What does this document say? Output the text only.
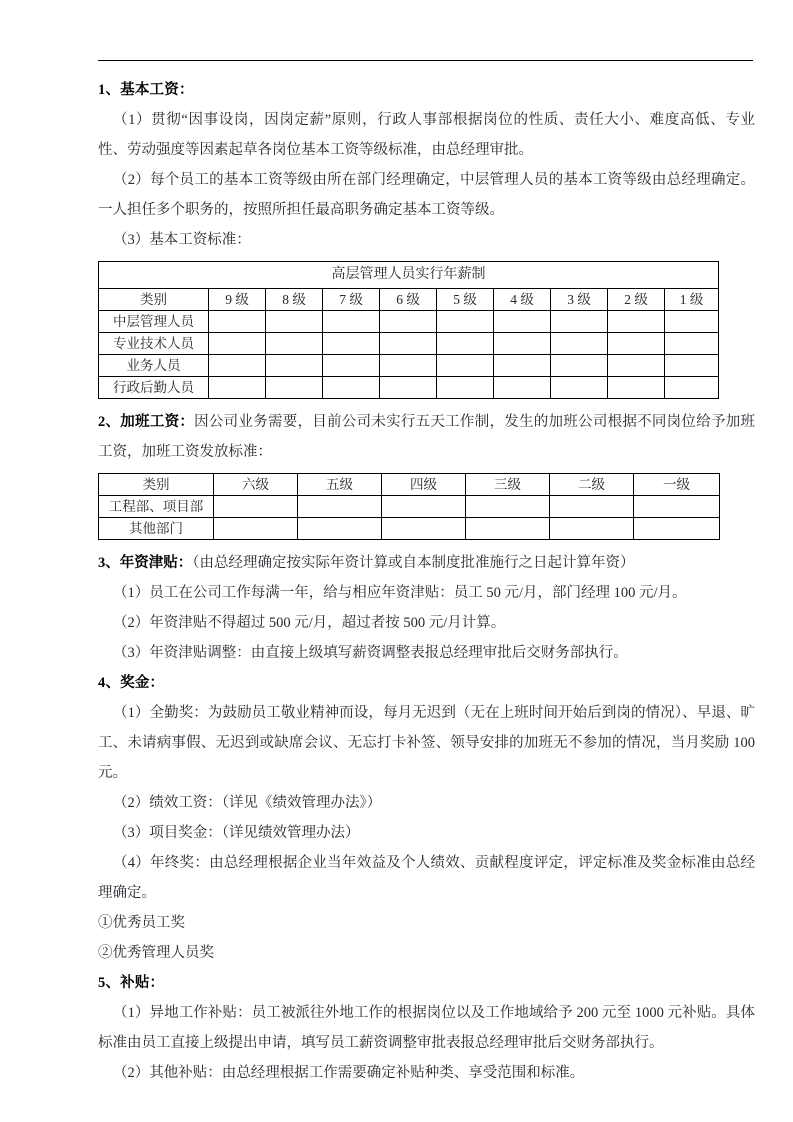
1、基本工资：

（1）贯彻“因事设岗，因岗定薪”原则，行政人事部根据岗位的性质、责任大小、难度高低、专业性、劳动强度等因素起草各岗位基本工资等级标准，由总经理审批。

（2）每个员工的基本工资等级由所在部门经理确定，中层管理人员的基本工资等级由总经理确定。一人担任多个职务的，按照所担任最高职务确定基本工资等级。

（3）基本工资标准：

高层管理人员实行年薪制									
类别	9 级	8 级	7 级	6 级	5 级	4 级	3 级	2 级	1 级
中层管理人员									
专业技术人员									
业务人员									
行政后勤人员									

2、加班工资：因公司业务需要，目前公司未实行五天工作制，发生的加班公司根据不同岗位给予加班工资，加班工资发放标准：

类别	六级	五级	四级	三级	二级	一级
工程部、项目部						
其他部门						

3、年资津贴：（由总经理确定按实际年资计算或自本制度批准施行之日起计算年资）

（1）员工在公司工作每满一年，给与相应年资津贴：员工 50 元/月，部门经理 100 元/月。

（2）年资津贴不得超过 500 元/月，超过者按 500 元/月计算。

（3）年资津贴调整：由直接上级填写薪资调整表报总经理审批后交财务部执行。

4、奖金：

（1）全勤奖：为鼓励员工敬业精神而设，每月无迟到（无在上班时间开始后到岗的情况）、早退、旷工、未请病事假、无迟到或缺席会议、无忘打卡补签、领导安排的加班无不参加的情况，当月奖励 100 元。

（2）绩效工资：（详见《绩效管理办法》）

（3）项目奖金：（详见绩效管理办法）

（4）年终奖：由总经理根据企业当年效益及个人绩效、贡献程度评定，评定标准及奖金标准由总经理确定。

①优秀员工奖

②优秀管理人员奖

5、补贴：

（1）异地工作补贴：员工被派往外地工作的根据岗位以及工作地域给予 200 元至 1000 元补贴。具体标准由员工直接上级提出申请，填写员工薪资调整审批表报总经理审批后交财务部执行。

（2）其他补贴：由总经理根据工作需要确定补贴种类、享受范围和标准。
